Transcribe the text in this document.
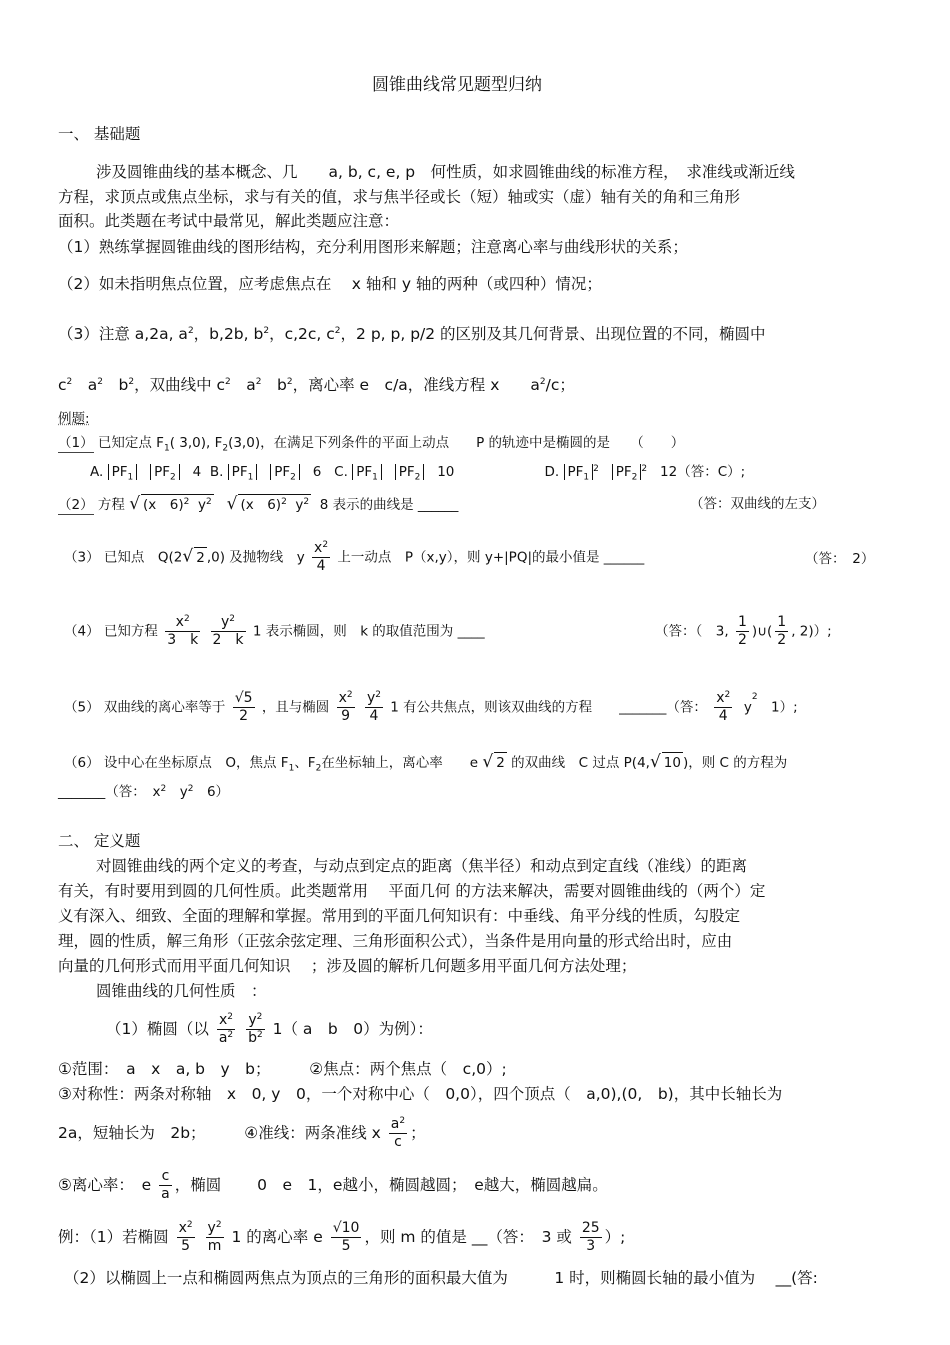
圆锥曲线常见题型归纳
一、 基础题
涉及圆锥曲线的基本概念、几　　a, b, c, e, p　何性质，如求圆锥曲线的标准方程，　求准线或渐近线
方程，求顶点或焦点坐标，求与有关的值，求与焦半径或长（短）轴或实（虚）轴有关的角和三角形
面积。此类题在考试中最常见，解此类题应注意：
（1）熟练掌握圆锥曲线的图形结构，充分利用图形来解题；注意离心率与曲线形状的关系；
（2）如未指明焦点位置，应考虑焦点在　 x 轴和 y 轴的两种（或四种）情况；
（3）注意 a,2a, $a^2$，b,2b, $b^2$，c,2c, $c^2$，2 p, p, p/2 的区别及其几何背景、出现位置的不同，椭圆中
$c^2$　$a^2$　$b^2$，双曲线中 $c^2$　$a^2$　$b^2$，离心率 e　c/a，准线方程 x　　$a^2/c$；
例题:
（1） 已知定点 $F_1$( 3,0), $F_2(3,0)$，在满足下列条件的平面上动点　　P 的轨迹中是椭圆的是　　（　　）
A. $PF_1$ $PF_2$ 4 B. $PF_1$ $PF_2$ 6 C. $PF_1$ $PF_2$ 10	D. $PF_1^2$ $PF_2^2$ 12（答：C）;
（2） 方程 √ (x　6)$^2$ $y^2$ √ (x　6)$^2$ $y^2$ 8 表示的曲线是 ______	（答：双曲线的左支）
（3） 已知点　Q(2√ 2 ,0) 及抛物线　y $\frac{x^2}{4}$ 上一动点　P（x,y），则 y+|PQ|的最小值是 ______	（答：　2）
（4） 已知方程 $\frac{x^2}{3 k}$
$\frac{y^2}{2 k} 1$ 表示椭圆，则　k 的取值范围为 ____	（答：（　3, $\frac{1}{2}$ )∪( $\frac{1}{2}$ , 2)）;
（5） 双曲线的离心率等于 $\frac{√5}{2}$ ，且与椭圆 $\frac{x^2}{9}$
$\frac{y^2}{4} 1$ 有公共焦点，则该双曲线的方程　　_______（答： $\frac{x^2}{4} y^2$　1）;
（6） 设中心在坐标原点　O，焦点 $F_1$、$F_2$在坐标轴上，离心率　　e √ 2 的双曲线　C 过点 P(4,√ 10 )，则 C 的方程为
_______（答：　$x^2$　$y^2$　6）
二、 定义题
对圆锥曲线的两个定义的考查，与动点到定点的距离（焦半径）和动点到定直线（准线）的距离
有关，有时要用到圆的几何性质。此类题常用　 平面几何 的方法来解决，需要对圆锥曲线的（两个）定
义有深入、细致、全面的理解和掌握。常用到的平面几何知识有：中垂线、角平分线的性质，勾股定
理，圆的性质，解三角形（正弦余弦定理、三角形面积公式），当条件是用向量的形式给出时，应由
向量的几何形式而用平面几何知识　 ；涉及圆的解析几何题多用平面几何方法处理；
圆锥曲线的几何性质　：
（1）椭圆（以 $\frac{x^2}{a^2}$
$\frac{y^2}{b^2} 1$（ a　b　0）为例）：
①范围：　a　x　a, b　y　b；　　　②焦点：两个焦点（　c,0）;
③对称性：两条对称轴　x　0, y　0，一个对称中心（　0,0），四个顶点（　a,0),(0,　b)，其中长轴长为
2a，短轴长为　2b；　　　④准线：两条准线 x $\frac{a^2}{c}$ ；
⑤离心率：　e $\frac{c}{a}$ ，椭圆　　 0　e　1，e越小，椭圆越圆；　e越大，椭圆越扁。
例：（1）若椭圆 $\frac{x^2}{5}$
$\frac{y^2}{m} 1$ 的离心率 e $\frac{√10}{5}$ ，则 m 的值是 __（答：　3 或 $\frac{25}{3}$ ）;
（2）以椭圆上一点和椭圆两焦点为顶点的三角形的面积最大值为　　　1 时，则椭圆长轴的最小值为　 __(答:
